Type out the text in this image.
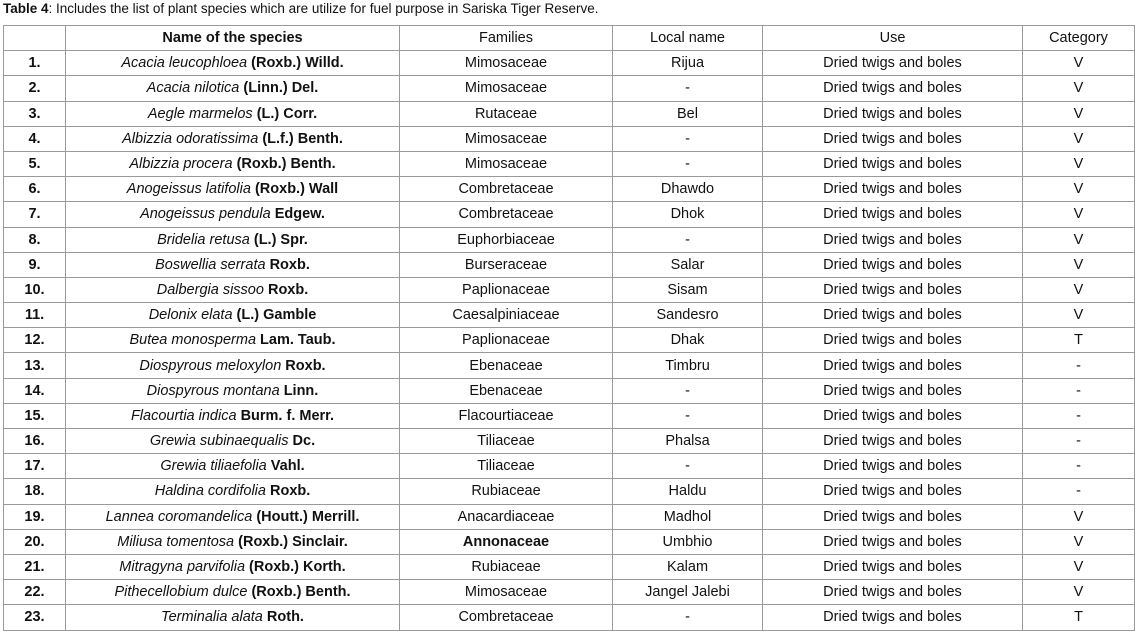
Table 4: Includes the list of plant species which are utilize for fuel purpose in Sariska Tiger Reserve.
	Name of the species	Families	Local name	Use	Category
1.	Acacia leucophloea (Roxb.) Willd.	Mimosaceae	Rijua	Dried twigs and boles	V
2.	Acacia nilotica (Linn.) Del.	Mimosaceae	-	Dried twigs and boles	V
3.	Aegle marmelos (L.) Corr.	Rutaceae	Bel	Dried twigs and boles	V
4.	Albizzia odoratissima (L.f.) Benth.	Mimosaceae	-	Dried twigs and boles	V
5.	Albizzia procera (Roxb.) Benth.	Mimosaceae	-	Dried twigs and boles	V
6.	Anogeissus latifolia (Roxb.) Wall	Combretaceae	Dhawdo	Dried twigs and boles	V
7.	Anogeissus pendula Edgew.	Combretaceae	Dhok	Dried twigs and boles	V
8.	Bridelia retusa (L.) Spr.	Euphorbiaceae	-	Dried twigs and boles	V
9.	Boswellia serrata Roxb.	Burseraceae	Salar	Dried twigs and boles	V
10.	Dalbergia sissoo Roxb.	Paplionaceae	Sisam	Dried twigs and boles	V
11.	Delonix elata (L.) Gamble	Caesalpiniaceae	Sandesro	Dried twigs and boles	V
12.	Butea monosperma Lam. Taub.	Paplionaceae	Dhak	Dried twigs and boles	T
13.	Diospyrous meloxylon Roxb.	Ebenaceae	Timbru	Dried twigs and boles	-
14.	Diospyrous montana Linn.	Ebenaceae	-	Dried twigs and boles	-
15.	Flacourtia indica Burm. f. Merr.	Flacourtiaceae	-	Dried twigs and boles	-
16.	Grewia subinaequalis Dc.	Tiliaceae	Phalsa	Dried twigs and boles	-
17.	Grewia tiliaefolia Vahl.	Tiliaceae	-	Dried twigs and boles	-
18.	Haldina cordifolia Roxb.	Rubiaceae	Haldu	Dried twigs and boles	-
19.	Lannea coromandelica (Houtt.) Merrill.	Anacardiaceae	Madhol	Dried twigs and boles	V
20.	Miliusa tomentosa (Roxb.) Sinclair.	Annonaceae	Umbhio	Dried twigs and boles	V
21.	Mitragyna parvifolia (Roxb.) Korth.	Rubiaceae	Kalam	Dried twigs and boles	V
22.	Pithecellobium dulce (Roxb.) Benth.	Mimosaceae	Jangel Jalebi	Dried twigs and boles	V
23.	Terminalia alata Roth.	Combretaceae	-	Dried twigs and boles	T
